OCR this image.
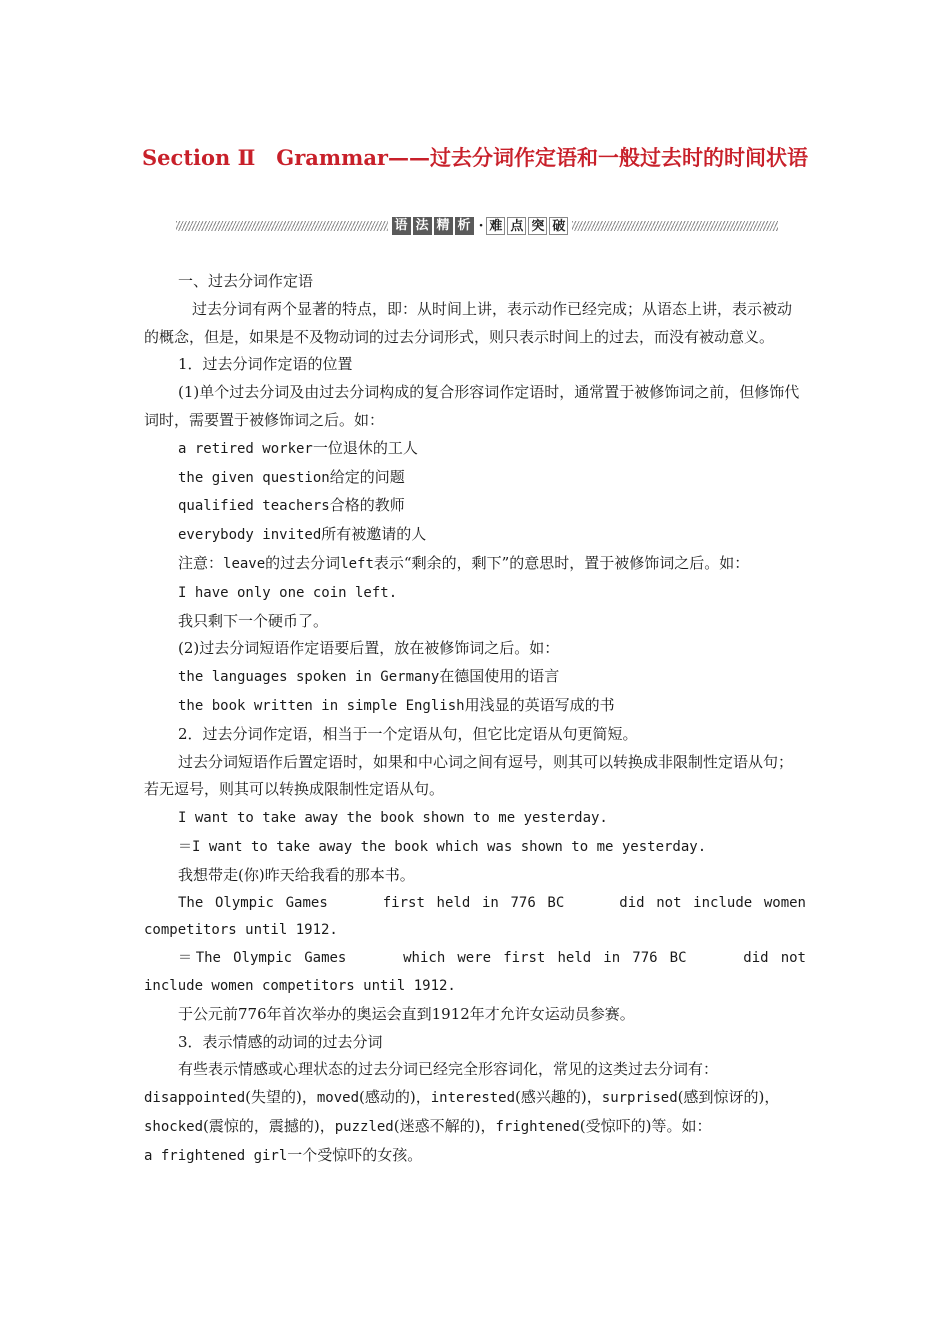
Section Ⅱ　Grammar——过去分词作定语和一般过去时的时间状语
语 法 精 析 · 难 点 突 破

一、过去分词作定语

过去分词有两个显著的特点，即：从时间上讲，表示动作已经完成；从语态上讲，表示被动的概念，但是，如果是不及物动词的过去分词形式，则只表示时间上的过去，而没有被动意义。

1．过去分词作定语的位置

(1)单个过去分词及由过去分词构成的复合形容词作定语时，通常置于被修饰词之前，但修饰代词时，需要置于被修饰词之后。如：

a retired worker一位退休的工人

the given question给定的问题

qualified teachers合格的教师

everybody invited所有被邀请的人

注意：leave的过去分词left表示“剩余的，剩下”的意思时，置于被修饰词之后。如：

I have only one coin left.

我只剩下一个硬币了。

(2)过去分词短语作定语要后置，放在被修饰词之后。如：

the languages spoken in Germany在德国使用的语言

the book written in simple English用浅显的英语写成的书

2．过去分词作定语，相当于一个定语从句，但它比定语从句更简短。

过去分词短语作后置定语时，如果和中心词之间有逗号，则其可以转换成非限制性定语从句；若无逗号，则其可以转换成限制性定语从句。

I want to take away the book shown to me yesterday.

＝I want to take away the book which was shown to me yesterday.

我想带走(你)昨天给我看的那本书。

The Olympic Games　　　first held in 776 BC　　　did not include women

competitors until 1912.

＝The Olympic Games　　　which were first held in 776 BC　　　did not

include women competitors until 1912.

于公元前776年首次举办的奥运会直到1912年才允许女运动员参赛。

3．表示情感的动词的过去分词

有些表示情感或心理状态的过去分词已经完全形容词化，常见的这类过去分词有：disappointed(失望的)，moved(感动的)，interested(感兴趣的)，surprised(感到惊讶的)，shocked(震惊的，震撼的)，puzzled(迷惑不解的)，frightened(受惊吓的)等。如：

a frightened girl一个受惊吓的女孩。
